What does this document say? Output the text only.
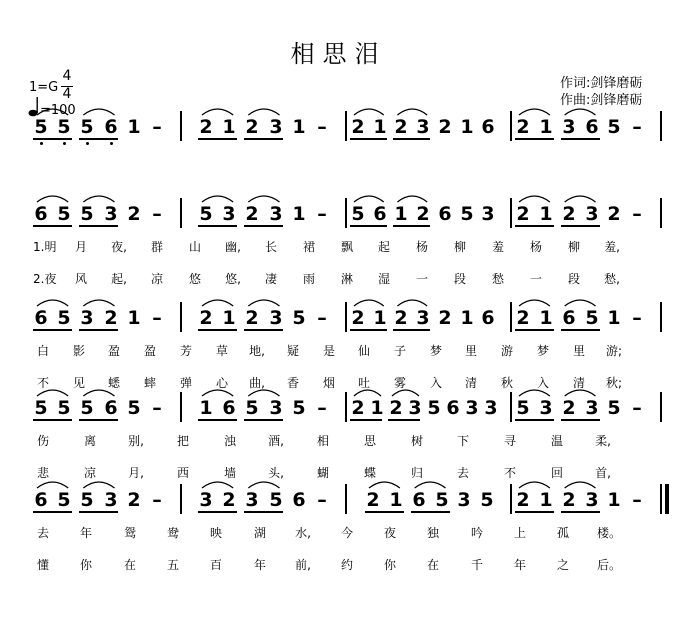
相思泪
1=G
4
4
=100
作词:剑锋磨砺
作曲:剑锋磨砺
5 5 5 6 1 – 2 1 2 3 1 – 2 1 2 3 2 1 6 2 1 3 6 5 –
6 5 5 3 2 – 5 3 2 3 1 – 5 6 1 2 6 5 3 2 1 2 3 2 –
1.明	月	夜,	群	山	幽,	长	裙	飘	起	杨	柳	羞	杨	柳	羞,
2.夜	风	起,	凉	悠	悠,	凄	雨	淋	湿	一	段	愁	一	段	愁,
6 5 3 2 1 – 2 1 2 3 5 – 2 1 2 3 2 1 6 2 1 6 5 1 –
白	影	盈	盈	芳	草	地,	疑	是	仙	子	梦	里	游	梦	里	游;
不	见	蟋	蟀	弹	心	曲,	香	烟	吐	雾	入	清	秋	入	清	秋;
5 5 5 6 5 – 1 6 5 3 5 – 2 1 2 3 5 6 3 3 5 3 2 3 5 –
伤	离	别,	把	浊	酒,	相	思	树	下	寻	温	柔,
悲	凉	月,	西	墙	头,	蝴	蝶	归	去	不	回	首,
6 5 5 3 2 – 3 2 3 5 6 – 2 1 6 5 3 5 2 1 2 3 1 –
去	年	鸳	鸯	映	湖	水,	今	夜	独	吟	上	孤	楼。
懂	你	在	五	百	年	前,	约	你	在	千	年	之	后。
